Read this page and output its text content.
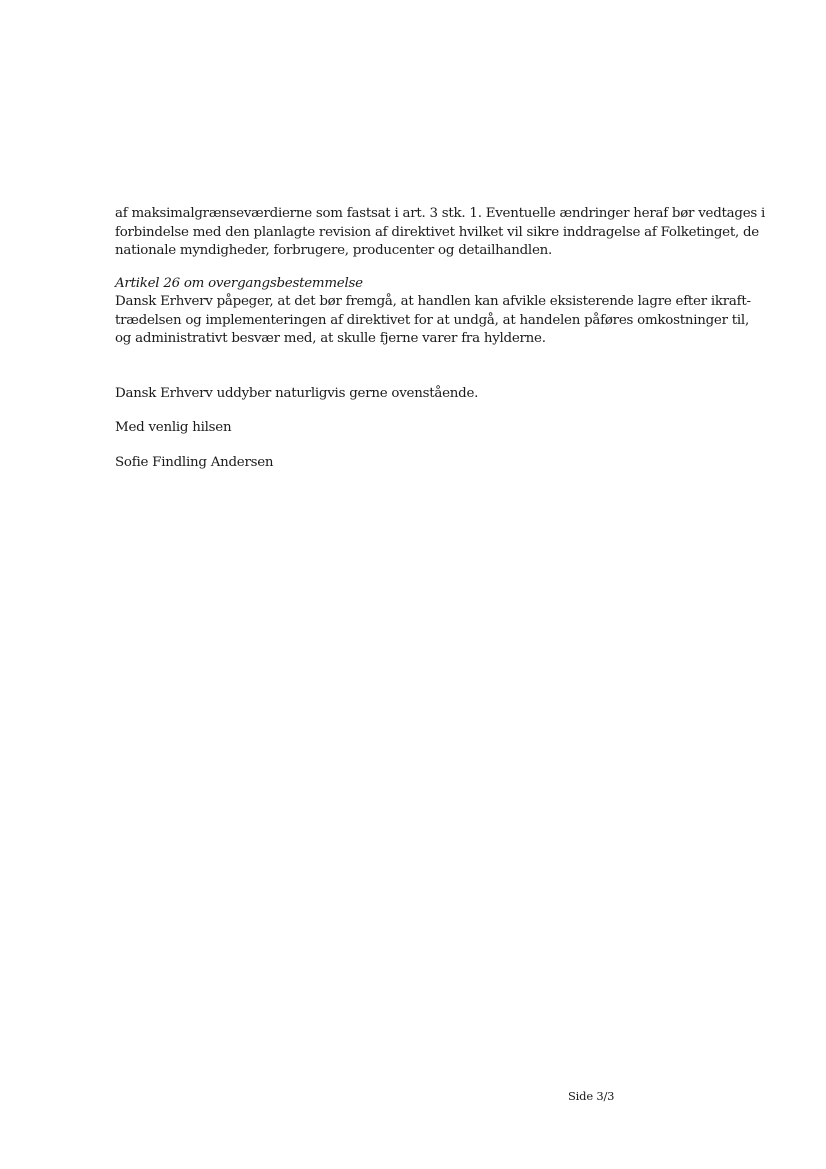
af maksimalgrænseværdierne som fastsat i art. 3 stk. 1. Eventuelle ændringer heraf bør vedtages i
forbindelse med den planlagte revision af direktivet hvilket vil sikre inddragelse af Folketinget, de
nationale myndigheder, forbrugere, producenter og detailhandlen.

Artikel 26 om overgangsbestemmelse
Dansk Erhverv påpeger, at det bør fremgå, at handlen kan afvikle eksisterende lagre efter ikraft-
trædelsen og implementeringen af direktivet for at undgå, at handelen påføres omkostninger til,
og administrativt besvær med, at skulle fjerne varer fra hylderne.

Dansk Erhverv uddyber naturligvis gerne ovenstående.

Med venlig hilsen

Sofie Findling Andersen

Side 3/3
